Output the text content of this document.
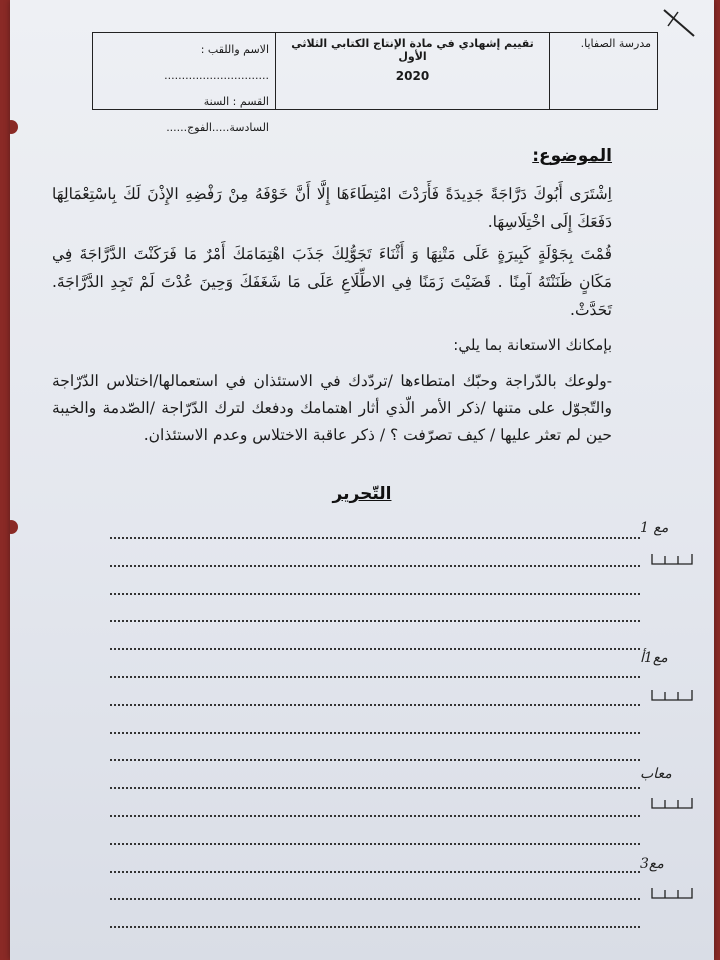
مدرسة الصفايا.
تقييم إشهادي في مادة الإنتاج الكتابي الثلاثي الأول
2020
الاسم واللقب : ..............................
القسم : السنة السادسة.....الفوج......
الموضوع:
اِشْتَرَى أَبُوكَ دَرَّاجَةً جَدِيدَةً فَأَرَدْتَ امْتِطَاءَهَا إِلَّا أَنَّ خَوْفَهُ مِنْ رَفْضِهِ الإِذْنَ لَكَ بِاسْتِعْمَالِهَا دَفَعَكَ إِلَى اخْتِلَاسِهَا.
قُمْتَ بِجَوْلَةٍ كَبِيرَةٍ عَلَى مَتْنِهَا وَ أَثْنَاءَ تَجَوُّلِكَ جَذَبَ اهْتِمَامَكَ أَمْرٌ مَا فَرَكَنْتَ الدَّرَّاجَةَ فِي مَكَانٍ ظَنَنْتَهُ آمِنًا . قَضَيْتَ زَمَنًا فِي الاطِّلَاعِ عَلَى مَا شَغَفَكَ وَحِينَ عُدْتَ لَمْ تَجِدِ الدَّرَّاجَةَ. تَحَدَّثْ.
بإمكانك الاستعانة بما يلي:
-ولوعك بالدّراجة وحبّك امتطاءها /تردّدك في الاستئذان في استعمالها/اختلاس الدّرّاجة والتّجوّل على متنها /ذكر الأمر الّذي أثار اهتمامك ودفعك لترك الدّرّاجة /الصّدمة والخيبة حين لم تعثر عليها / كيف تصرّفت ؟ / ذكر عاقبة الاختلاس وعدم الاستئذان.
التّحرير
مع 1
مع1أ
معاب
مع3
